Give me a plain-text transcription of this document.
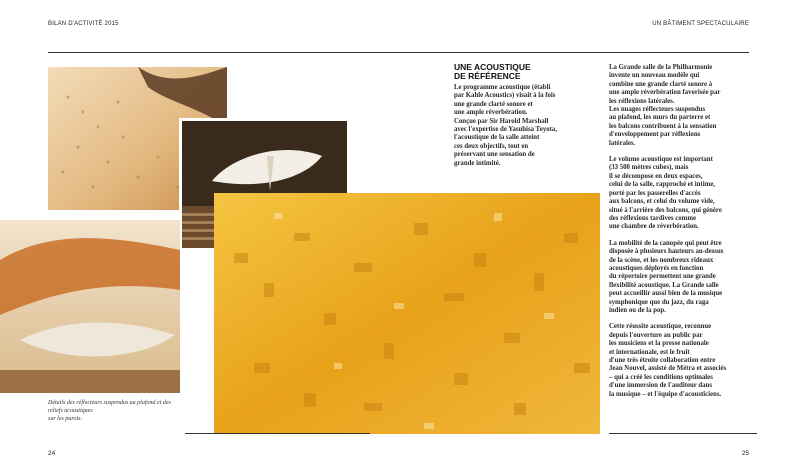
BILAN D'ACTIVITÉ 2015	UN BÂTIMENT SPECTACULAIRE
Détails des réflecteurs suspendus au plafond et des reliefs acoustiques
sur les parois.
UNE ACOUSTIQUE
DE RÉFÉRENCE

Le programme acoustique (établi
par Kahle Acoustics) visait à la fois
une grande clarté sonore et
une ample réverbération.
Conçue par Sir Harold Marshall
avec l'expertise de Yasuhisa Toyota,
l'acoustique de la salle atteint
ces deux objectifs, tout en
préservant une sensation de
grande intimité.

La Grande salle de la Philharmonie
invente un nouveau modèle qui
combine une grande clarté sonore à
une ample réverbération favorisée par
les réflexions latérales.
Les nuages réflecteurs suspendus
au plafond, les murs du parterre et
les balcons contribuent à la sensation
d'enveloppement par réflexions
latérales.

Le volume acoustique est important
(33 500 mètres cubes), mais
il se décompose en deux espaces,
celui de la salle, rapproché et intime,
porté par les passerelles d'accès
aux balcons, et celui du volume vide,
situé à l'arrière des balcons, qui génère
des réflexions tardives comme
une chambre de réverbération.

La mobilité de la canopée qui peut être
disposée à plusieurs hauteurs au-dessus
de la scène, et les nombreux rideaux
acoustiques déployés en fonction
du répertoire permettent une grande
flexibilité acoustique. La Grande salle
peut accueillir aussi bien de la musique
symphonique que du jazz, du raga
indien ou de la pop.

Cette réussite acoustique, reconnue
depuis l'ouverture au public par
les musiciens et la presse nationale
et internationale, est le fruit
d'une très étroite collaboration entre
Jean Nouvel, assisté de Métra et associés
– qui a créé les conditions optimales
d'une immersion de l'auditeur dans
la musique – et l'équipe d'acousticiens.

24	25
